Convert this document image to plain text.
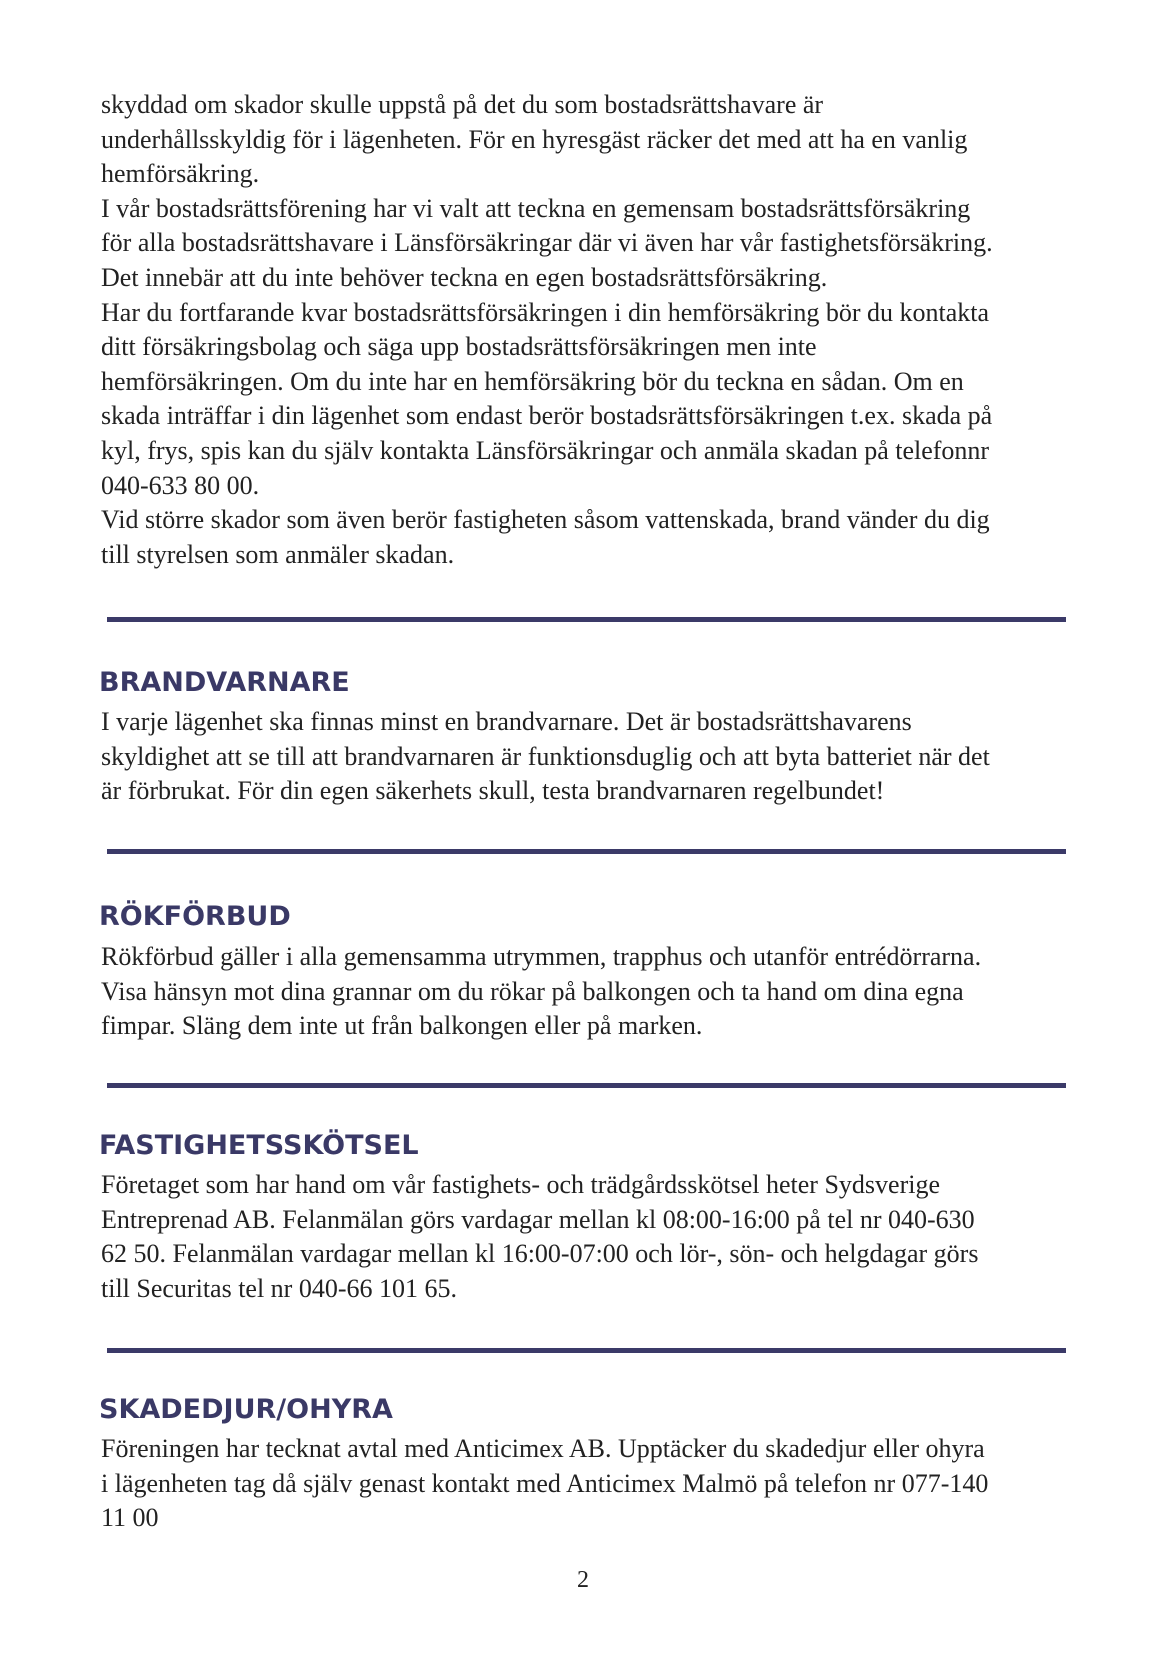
skyddad om skador skulle uppstå på det du som bostadsrättshavare är
underhållsskyldig för i lägenheten. För en hyresgäst räcker det med att ha en vanlig
hemförsäkring.
I vår bostadsrättsförening har vi valt att teckna en gemensam bostadsrättsförsäkring
för alla bostadsrättshavare i Länsförsäkringar där vi även har vår fastighetsförsäkring.
Det innebär att du inte behöver teckna en egen bostadsrättsförsäkring.
Har du fortfarande kvar bostadsrättsförsäkringen i din hemförsäkring bör du kontakta
ditt försäkringsbolag och säga upp bostadsrättsförsäkringen men inte
hemförsäkringen. Om du inte har en hemförsäkring bör du teckna en sådan. Om en
skada inträffar i din lägenhet som endast berör bostadsrättsförsäkringen t.ex. skada på
kyl, frys, spis kan du själv kontakta Länsförsäkringar och anmäla skadan på telefonnr
040-633 80 00.
Vid större skador som även berör fastigheten såsom vattenskada, brand vänder du dig
till styrelsen som anmäler skadan.
BRANDVARNARE
I varje lägenhet ska finnas minst en brandvarnare. Det är bostadsrättshavarens
skyldighet att se till att brandvarnaren är funktionsduglig och att byta batteriet när det
är förbrukat. För din egen säkerhets skull, testa brandvarnaren regelbundet!
RÖKFÖRBUD
Rökförbud gäller i alla gemensamma utrymmen, trapphus och utanför entrédörrarna.
Visa hänsyn mot dina grannar om du rökar på balkongen och ta hand om dina egna
fimpar. Släng dem inte ut från balkongen eller på marken.
FASTIGHETSSKÖTSEL
Företaget som har hand om vår fastighets- och trädgårdsskötsel heter Sydsverige
Entreprenad AB. Felanmälan görs vardagar mellan kl 08:00-16:00 på tel nr 040-630
62 50. Felanmälan vardagar mellan kl 16:00-07:00 och lör-, sön- och helgdagar görs
till Securitas tel nr 040-66 101 65.
SKADEDJUR/OHYRA
Föreningen har tecknat avtal med Anticimex AB. Upptäcker du skadedjur eller ohyra
i lägenheten tag då själv genast kontakt med Anticimex Malmö på telefon nr 077-140
11 00
2
